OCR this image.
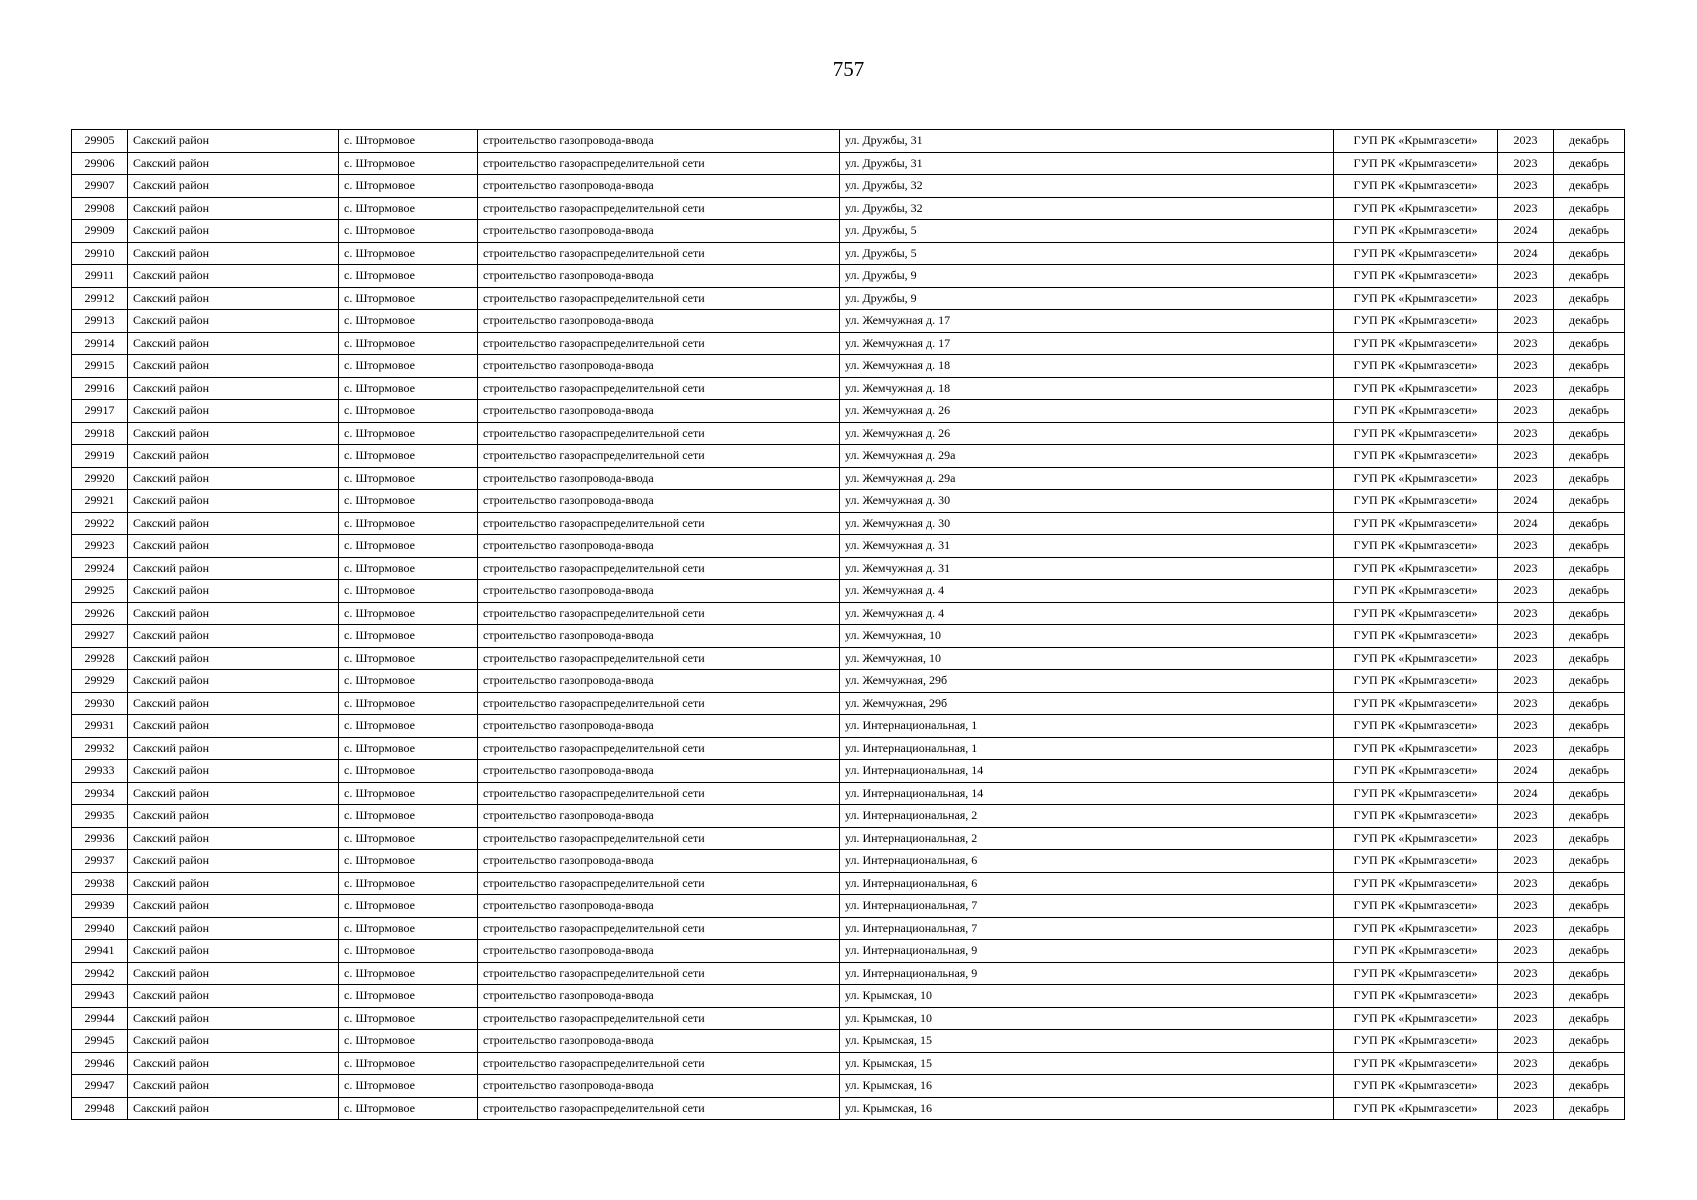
757
29905	Сакский район	с. Штормовое	строительство газопровода-ввода	ул. Дружбы, 31	ГУП РК «Крымгазсети»	2023	декабрь
29906	Сакский район	с. Штормовое	строительство газораспределительной сети	ул. Дружбы, 31	ГУП РК «Крымгазсети»	2023	декабрь
29907	Сакский район	с. Штормовое	строительство газопровода-ввода	ул. Дружбы, 32	ГУП РК «Крымгазсети»	2023	декабрь
29908	Сакский район	с. Штормовое	строительство газораспределительной сети	ул. Дружбы, 32	ГУП РК «Крымгазсети»	2023	декабрь
29909	Сакский район	с. Штормовое	строительство газопровода-ввода	ул. Дружбы, 5	ГУП РК «Крымгазсети»	2024	декабрь
29910	Сакский район	с. Штормовое	строительство газораспределительной сети	ул. Дружбы, 5	ГУП РК «Крымгазсети»	2024	декабрь
29911	Сакский район	с. Штормовое	строительство газопровода-ввода	ул. Дружбы, 9	ГУП РК «Крымгазсети»	2023	декабрь
29912	Сакский район	с. Штормовое	строительство газораспределительной сети	ул. Дружбы, 9	ГУП РК «Крымгазсети»	2023	декабрь
29913	Сакский район	с. Штормовое	строительство газопровода-ввода	ул. Жемчужная д. 17	ГУП РК «Крымгазсети»	2023	декабрь
29914	Сакский район	с. Штормовое	строительство газораспределительной сети	ул. Жемчужная д. 17	ГУП РК «Крымгазсети»	2023	декабрь
29915	Сакский район	с. Штормовое	строительство газопровода-ввода	ул. Жемчужная д. 18	ГУП РК «Крымгазсети»	2023	декабрь
29916	Сакский район	с. Штормовое	строительство газораспределительной сети	ул. Жемчужная д. 18	ГУП РК «Крымгазсети»	2023	декабрь
29917	Сакский район	с. Штормовое	строительство газопровода-ввода	ул. Жемчужная д. 26	ГУП РК «Крымгазсети»	2023	декабрь
29918	Сакский район	с. Штормовое	строительство газораспределительной сети	ул. Жемчужная д. 26	ГУП РК «Крымгазсети»	2023	декабрь
29919	Сакский район	с. Штормовое	строительство газораспределительной сети	ул. Жемчужная д. 29а	ГУП РК «Крымгазсети»	2023	декабрь
29920	Сакский район	с. Штормовое	строительство газопровода-ввода	ул. Жемчужная д. 29а	ГУП РК «Крымгазсети»	2023	декабрь
29921	Сакский район	с. Штормовое	строительство газопровода-ввода	ул. Жемчужная д. 30	ГУП РК «Крымгазсети»	2024	декабрь
29922	Сакский район	с. Штормовое	строительство газораспределительной сети	ул. Жемчужная д. 30	ГУП РК «Крымгазсети»	2024	декабрь
29923	Сакский район	с. Штормовое	строительство газопровода-ввода	ул. Жемчужная д. 31	ГУП РК «Крымгазсети»	2023	декабрь
29924	Сакский район	с. Штормовое	строительство газораспределительной сети	ул. Жемчужная д. 31	ГУП РК «Крымгазсети»	2023	декабрь
29925	Сакский район	с. Штормовое	строительство газопровода-ввода	ул. Жемчужная д. 4	ГУП РК «Крымгазсети»	2023	декабрь
29926	Сакский район	с. Штормовое	строительство газораспределительной сети	ул. Жемчужная д. 4	ГУП РК «Крымгазсети»	2023	декабрь
29927	Сакский район	с. Штормовое	строительство газопровода-ввода	ул. Жемчужная, 10	ГУП РК «Крымгазсети»	2023	декабрь
29928	Сакский район	с. Штормовое	строительство газораспределительной сети	ул. Жемчужная, 10	ГУП РК «Крымгазсети»	2023	декабрь
29929	Сакский район	с. Штормовое	строительство газопровода-ввода	ул. Жемчужная, 29б	ГУП РК «Крымгазсети»	2023	декабрь
29930	Сакский район	с. Штормовое	строительство газораспределительной сети	ул. Жемчужная, 29б	ГУП РК «Крымгазсети»	2023	декабрь
29931	Сакский район	с. Штормовое	строительство газопровода-ввода	ул. Интернациональная, 1	ГУП РК «Крымгазсети»	2023	декабрь
29932	Сакский район	с. Штормовое	строительство газораспределительной сети	ул. Интернациональная, 1	ГУП РК «Крымгазсети»	2023	декабрь
29933	Сакский район	с. Штормовое	строительство газопровода-ввода	ул. Интернациональная, 14	ГУП РК «Крымгазсети»	2024	декабрь
29934	Сакский район	с. Штормовое	строительство газораспределительной сети	ул. Интернациональная, 14	ГУП РК «Крымгазсети»	2024	декабрь
29935	Сакский район	с. Штормовое	строительство газопровода-ввода	ул. Интернациональная, 2	ГУП РК «Крымгазсети»	2023	декабрь
29936	Сакский район	с. Штормовое	строительство газораспределительной сети	ул. Интернациональная, 2	ГУП РК «Крымгазсети»	2023	декабрь
29937	Сакский район	с. Штормовое	строительство газопровода-ввода	ул. Интернациональная, 6	ГУП РК «Крымгазсети»	2023	декабрь
29938	Сакский район	с. Штормовое	строительство газораспределительной сети	ул. Интернациональная, 6	ГУП РК «Крымгазсети»	2023	декабрь
29939	Сакский район	с. Штормовое	строительство газопровода-ввода	ул. Интернациональная, 7	ГУП РК «Крымгазсети»	2023	декабрь
29940	Сакский район	с. Штормовое	строительство газораспределительной сети	ул. Интернациональная, 7	ГУП РК «Крымгазсети»	2023	декабрь
29941	Сакский район	с. Штормовое	строительство газопровода-ввода	ул. Интернациональная, 9	ГУП РК «Крымгазсети»	2023	декабрь
29942	Сакский район	с. Штормовое	строительство газораспределительной сети	ул. Интернациональная, 9	ГУП РК «Крымгазсети»	2023	декабрь
29943	Сакский район	с. Штормовое	строительство газопровода-ввода	ул. Крымская, 10	ГУП РК «Крымгазсети»	2023	декабрь
29944	Сакский район	с. Штормовое	строительство газораспределительной сети	ул. Крымская, 10	ГУП РК «Крымгазсети»	2023	декабрь
29945	Сакский район	с. Штормовое	строительство газопровода-ввода	ул. Крымская, 15	ГУП РК «Крымгазсети»	2023	декабрь
29946	Сакский район	с. Штормовое	строительство газораспределительной сети	ул. Крымская, 15	ГУП РК «Крымгазсети»	2023	декабрь
29947	Сакский район	с. Штормовое	строительство газопровода-ввода	ул. Крымская, 16	ГУП РК «Крымгазсети»	2023	декабрь
29948	Сакский район	с. Штормовое	строительство газораспределительной сети	ул. Крымская, 16	ГУП РК «Крымгазсети»	2023	декабрь
